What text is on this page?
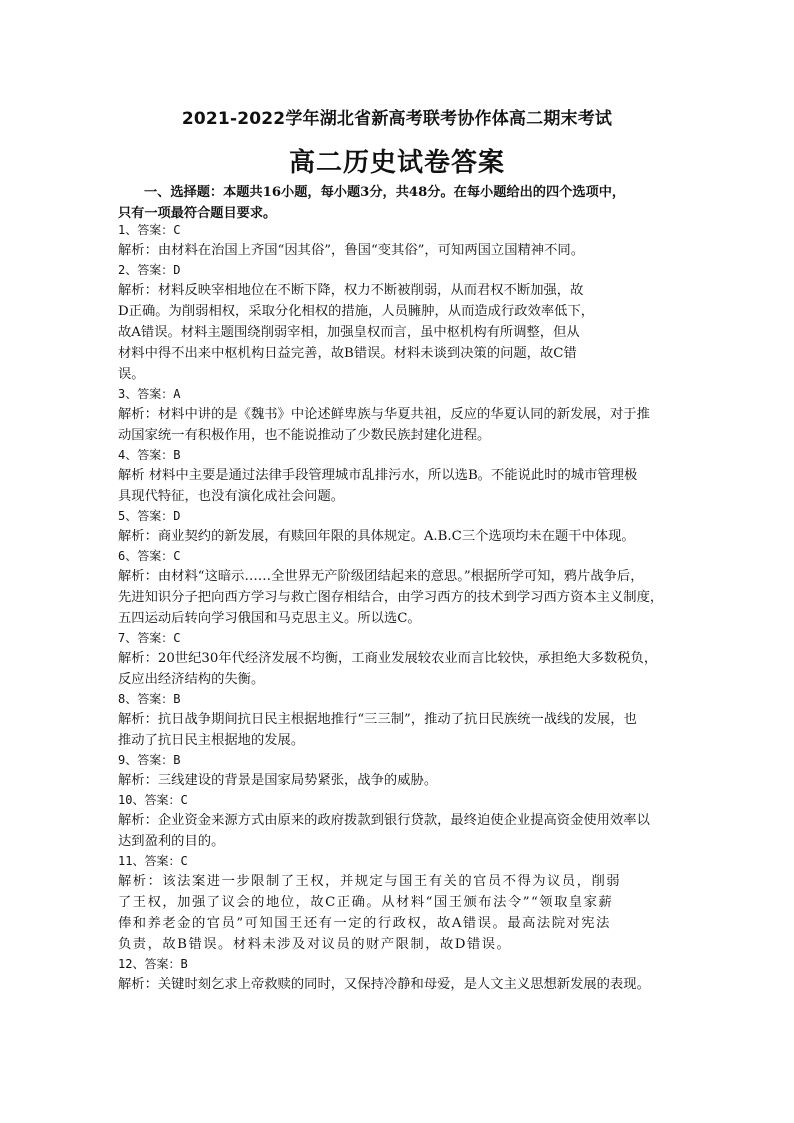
2021-2022学年湖北省新高考联考协作体高二期末考试
高二历史试卷答案
一、选择题：本题共16小题，每小题3分，共48分。在每小题给出的四个选项中，
只有一项最符合题目要求。
1、答案：C

解析：由材料在治国上齐国“因其俗”，鲁国“变其俗”，可知两国立国精神不同。

2、答案：D

解析：材料反映宰相地位在不断下降，权力不断被削弱，从而君权不断加强，故

D正确。为削弱相权，采取分化相权的措施，人员臃肿，从而造成行政效率低下，

故A错误。材料主题围绕削弱宰相，加强皇权而言，虽中枢机构有所调整，但从

材料中得不出来中枢机构日益完善，故B错误。材料未谈到决策的问题，故C错

误。

3、答案：A

解析：材料中讲的是《魏书》中论述鲜卑族与华夏共祖，反应的华夏认同的新发展，对于推

动国家统一有积极作用，也不能说推动了少数民族封建化进程。

4、答案：B

解析 材料中主要是通过法律手段管理城市乱排污水，所以选B。不能说此时的城市管理极

具现代特征，也没有演化成社会问题。

5、答案：D

解析：商业契约的新发展，有赎回年限的具体规定。A.B.C三个选项均未在题干中体现。

6、答案：C

解析：由材料“这暗示……全世界无产阶级团结起来的意思。”根据所学可知，鸦片战争后，

先进知识分子把向西方学习与救亡图存相结合，由学习西方的技术到学习西方资本主义制度，

五四运动后转向学习俄国和马克思主义。所以选C。

7、答案：C

解析：20世纪30年代经济发展不均衡，工商业发展较农业而言比较快，承担绝大多数税负，

反应出经济结构的失衡。

8、答案：B

解析：抗日战争期间抗日民主根据地推行“三三制”，推动了抗日民族统一战线的发展，也

推动了抗日民主根据地的发展。

9、答案：B

解析：三线建设的背景是国家局势紧张，战争的威胁。

10、答案：C

解析：企业资金来源方式由原来的政府拨款到银行贷款，最终迫使企业提高资金使用效率以

达到盈利的目的。

11、答案：C

解析：该法案进一步限制了王权，并规定与国王有关的官员不得为议员，削弱

了王权，加强了议会的地位，故C正确。从材料“国王颁布法令”“领取皇家薪

俸和养老金的官员”可知国王还有一定的行政权，故A错误。最高法院对宪法

负责，故B错误。材料未涉及对议员的财产限制，故D错误。

12、答案：B

解析：关键时刻乞求上帝救赎的同时，又保持冷静和母爱，是人文主义思想新发展的表现。
